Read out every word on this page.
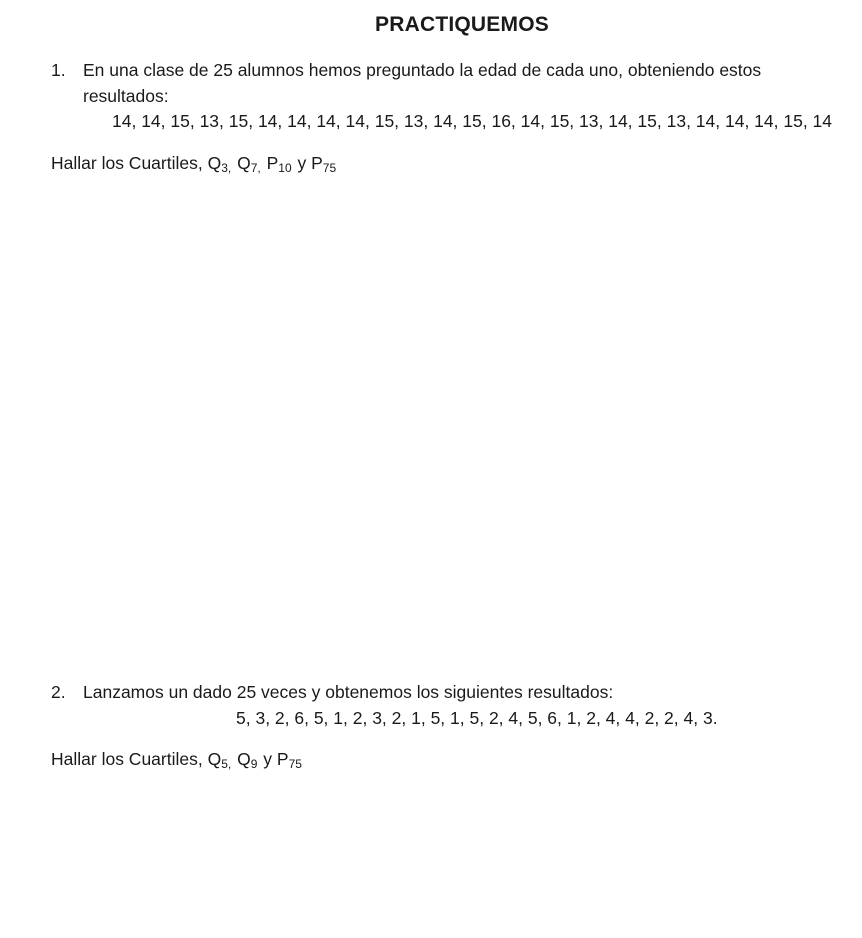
PRACTIQUEMOS
1. En una clase de 25 alumnos hemos preguntado la edad de cada uno, obteniendo estos resultados:
14, 14, 15, 13, 15, 14, 14, 14, 14, 15, 13, 14, 15, 16, 14, 15, 13, 14, 15, 13, 14, 14, 14, 15, 14
Hallar los Cuartiles, $Q_{3,}$ $Q_{7,}$ $P_{10}$ y $P_{75}$
2. Lanzamos un dado 25 veces y obtenemos los siguientes resultados:
5, 3, 2, 6, 5, 1, 2, 3, 2, 1, 5, 1, 5, 2, 4, 5, 6, 1, 2, 4, 4, 2, 2, 4, 3.
Hallar los Cuartiles, $Q_{5,}$ $Q_9$ y $P_{75}$
